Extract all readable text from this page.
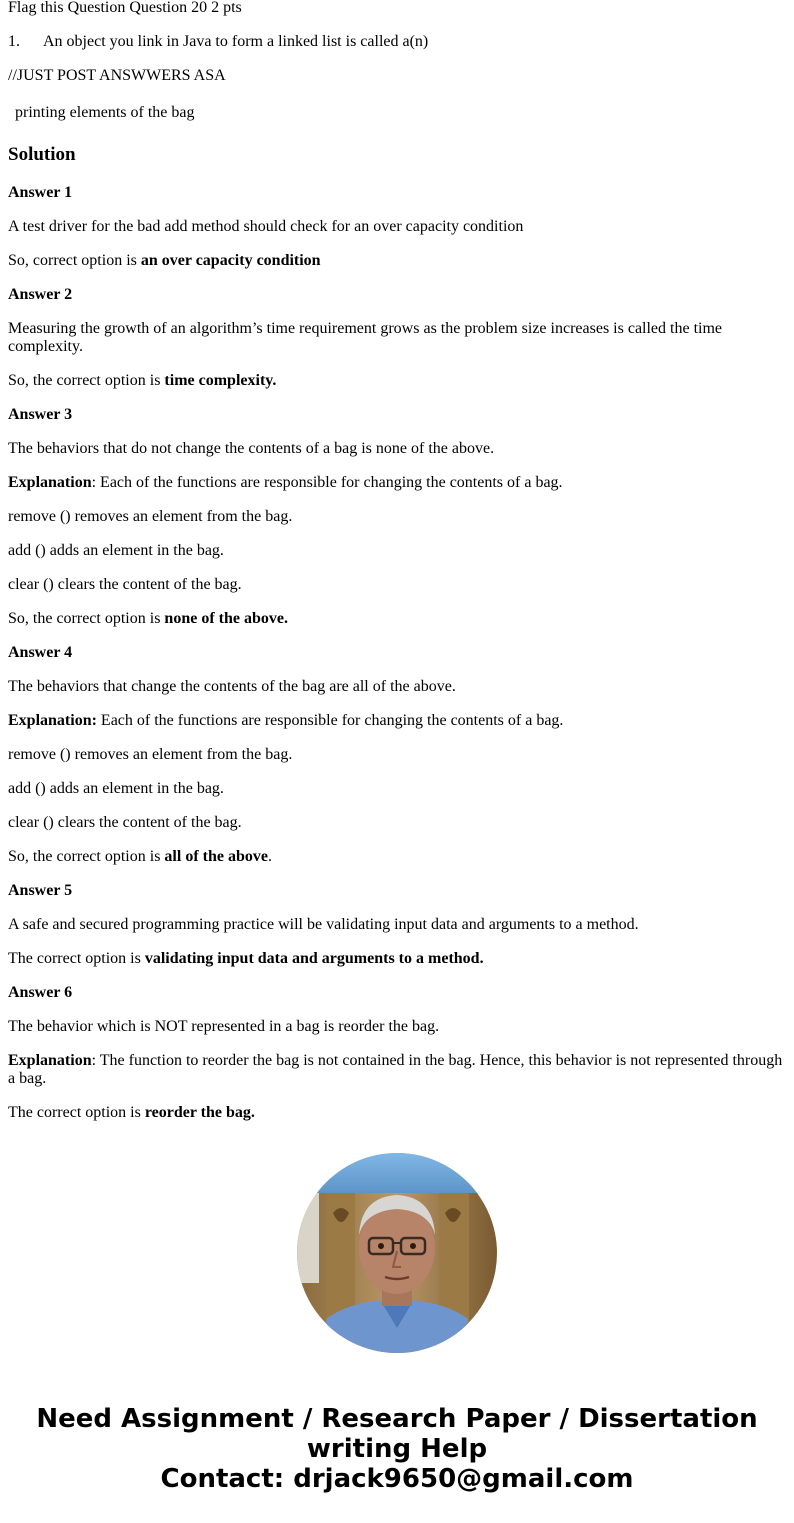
Flag this Question Question 20 2 pts

1. An object you link in Java to form a linked list is called a(n)

//JUST POST ANSWWERS ASA

printing elements of the bag

Solution

Answer 1

A test driver for the bad add method should check for an over capacity condition

So, correct option is an over capacity condition

Answer 2

Measuring the growth of an algorithm’s time requirement grows as the problem size increases is called the time complexity.

So, the correct option is time complexity.

Answer 3

The behaviors that do not change the contents of a bag is none of the above.

Explanation: Each of the functions are responsible for changing the contents of a bag.

remove () removes an element from the bag.

add () adds an element in the bag.

clear () clears the content of the bag.

So, the correct option is none of the above.

Answer 4

The behaviors that change the contents of the bag are all of the above.

Explanation: Each of the functions are responsible for changing the contents of a bag.

remove () removes an element from the bag.

add () adds an element in the bag.

clear () clears the content of the bag.

So, the correct option is all of the above.

Answer 5

A safe and secured programming practice will be validating input data and arguments to a method.

The correct option is validating input data and arguments to a method.

Answer 6

The behavior which is NOT represented in a bag is reorder the bag.

Explanation: The function to reorder the bag is not contained in the bag. Hence, this behavior is not represented through a bag.

The correct option is reorder the bag.

Need Assignment / Research Paper / Dissertation
writing Help
Contact: drjack9650@gmail.com
